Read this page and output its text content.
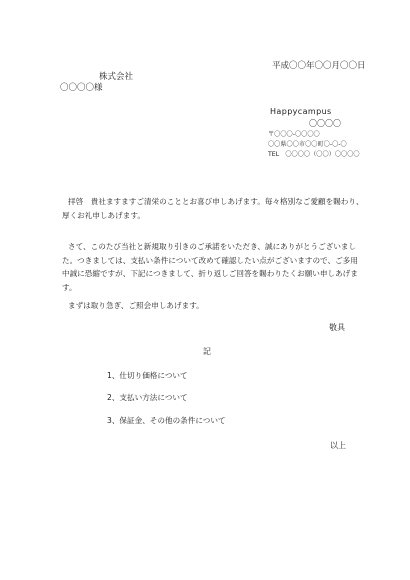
平成〇〇年〇〇月〇〇日
株式会社
〇〇〇〇様
Happycampus
〇〇〇〇
〒〇〇〇-〇〇〇〇
〇〇県〇〇市〇〇町〇-〇-〇
TEL　〇〇〇〇（〇〇）〇〇〇〇
拝啓　貴社ますますご清栄のこととお喜び申しあげます。毎々格別なご愛顧を賜わり、
厚くお礼申しあげます。
さて、このたび当社と新規取り引きのご承諾をいただき、誠にありがとうございまし
た。つきましては、支払い条件について改めて確認したい点がございますので、ご多用
中誠に恐縮ですが、下記につきまして、折り返しご回答を賜わりたくお願い申しあげま
す。
まずは取り急ぎ、ご照会申しあげます。
敬具
記
1、仕切り価格について
2、支払い方法について
3、保証金、その他の条件について
以上
